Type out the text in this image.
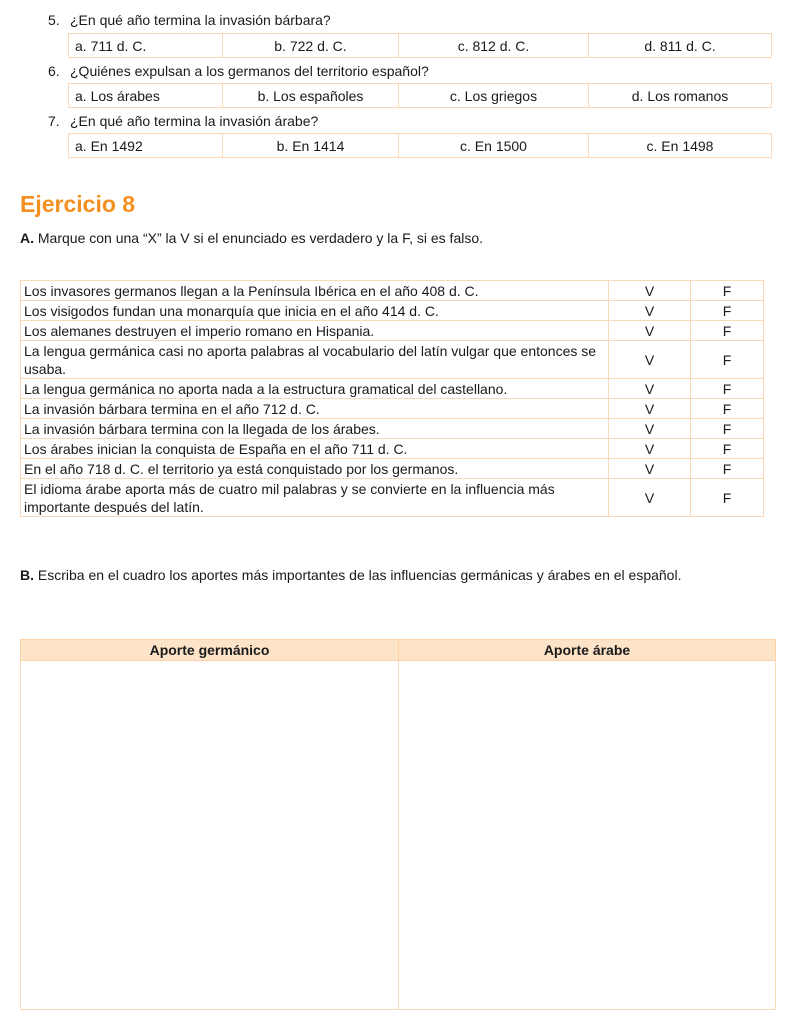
5. ¿En qué año termina la invasión bárbara?
a. 711 d. C.	b. 722 d. C.	c. 812 d. C.	d. 811 d. C.
6. ¿Quiénes expulsan a los germanos del territorio español?
a. Los árabes	b. Los españoles	c. Los griegos	d. Los romanos
7. ¿En qué año termina la invasión árabe?
a. En 1492	b. En 1414	c. En 1500	c. En 1498
Ejercicio 8
A. Marque con una “X” la V si el enunciado es verdadero y la F, si es falso.
Los invasores germanos llegan a la Península Ibérica en el año 408 d. C.	V	F
Los visigodos fundan una monarquía que inicia en el año 414 d. C.	V	F
Los alemanes destruyen el imperio romano en Hispania.	V	F
La lengua germánica casi no aporta palabras al vocabulario del latín vulgar que entonces se usaba.	V	F
La lengua germánica no aporta nada a la estructura gramatical del castellano.	V	F
La invasión bárbara termina en el año 712 d. C.	V	F
La invasión bárbara termina con la llegada de los árabes.	V	F
Los árabes inician la conquista de España en el año 711 d. C.	V	F
En el año 718 d. C. el territorio ya está conquistado por los germanos.	V	F
El idioma árabe aporta más de cuatro mil palabras y se convierte en la influencia más importante después del latín.	V	F
B. Escriba en el cuadro los aportes más importantes de las influencias germánicas y árabes en el español.
Aporte germánico	Aporte árabe
